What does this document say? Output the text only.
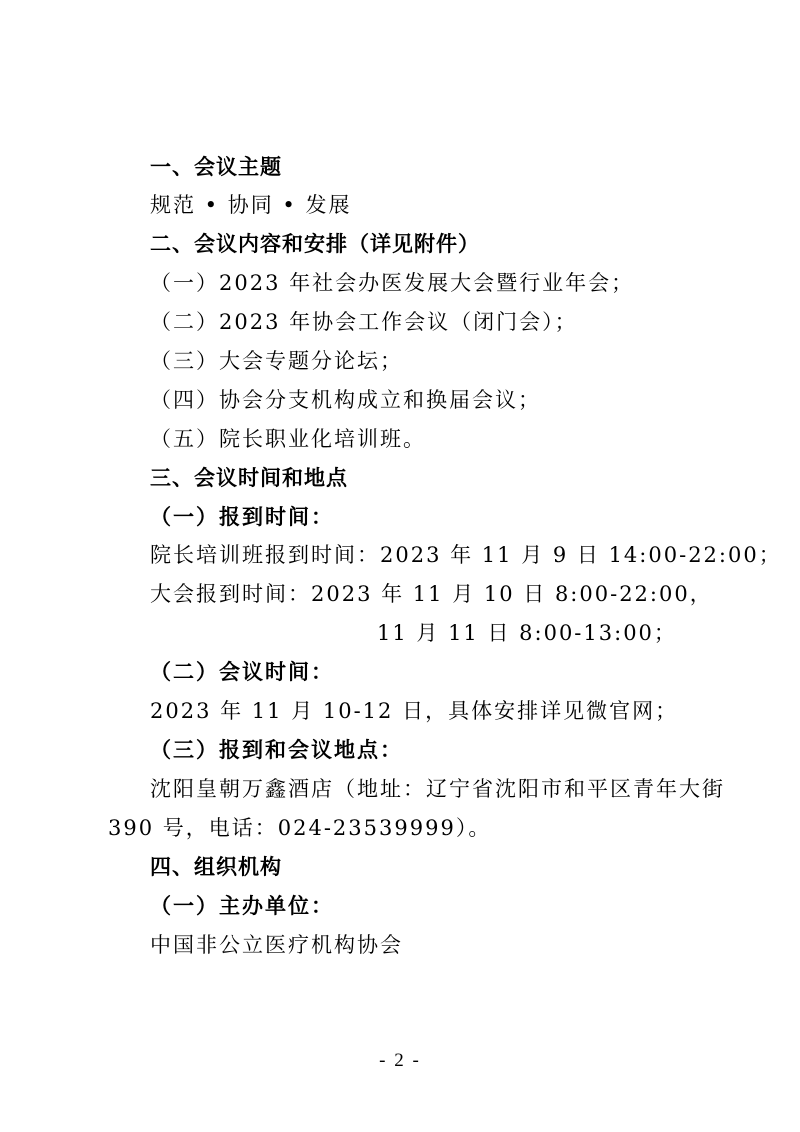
一、会议主题
规范 • 协同 • 发展
二、会议内容和安排（详见附件）
（一）2023 年社会办医发展大会暨行业年会；
（二）2023 年协会工作会议（闭门会）；
（三）大会专题分论坛；
（四）协会分支机构成立和换届会议；
（五）院长职业化培训班。
三、会议时间和地点
（一）报到时间：
院长培训班报到时间：2023 年 11 月 9 日 14:00-22:00；
大会报到时间：2023 年 11 月 10 日 8:00-22:00，
11 月 11 日 8:00-13:00；
（二）会议时间：
2023 年 11 月 10-12 日，具体安排详见微官网；
（三）报到和会议地点：
沈阳皇朝万鑫酒店（地址：辽宁省沈阳市和平区青年大街
390 号，电话：024-23539999）。
四、组织机构
（一）主办单位：
中国非公立医疗机构协会
- 2 -
